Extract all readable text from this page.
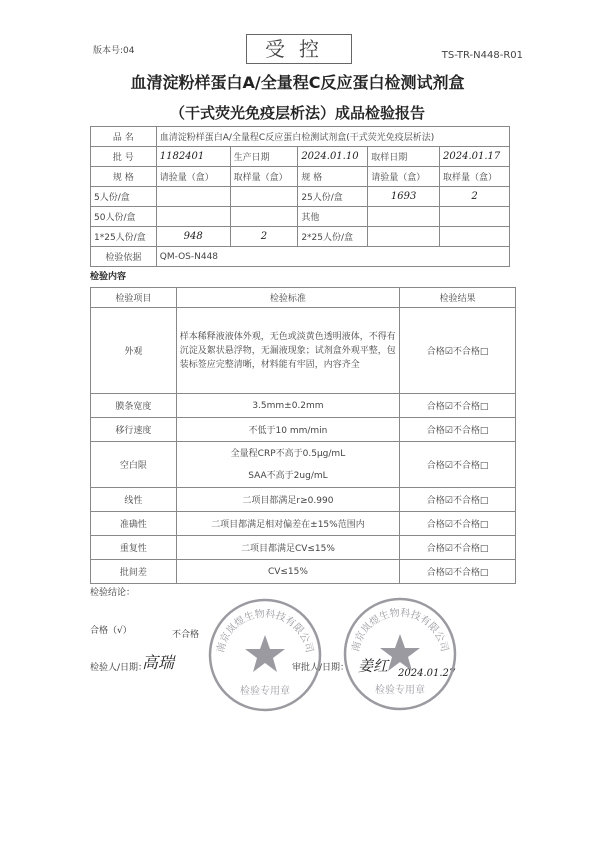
版本号:04	受控	TS-TR-N448-R01
血清淀粉样蛋白A/全量程C反应蛋白检测试剂盒
（干式荧光免疫层析法）成品检验报告
品 名	血清淀粉样蛋白A/全量程C反应蛋白检测试剂盒(干式荧光免疫层析法)				
批 号	1182401	生产日期	2024.01.10	取样日期	2024.01.17
规 格	请验量（盒）	取样量（盒）	规 格	请验量（盒）	取样量（盒）
5人份/盒			25人份/盒	1693	2
50人份/盒			其他		
1*25人份/盒	948	2	2*25人份/盒		
检验依据	QM-OS-N448				
检验内容
检验项目	检验标准	检验结果
外观	样本稀释液液体外观，无色或淡黄色透明液体，不得有沉淀及絮状悬浮物，无漏液现象；试剂盒外观平整，包装标签应完整清晰，材料能有牢固，内容齐全	合格☑不合格□
膜条宽度	3.5mm±0.2mm	合格☑不合格□
移行速度	不低于10 mm/min	合格☑不合格□
空白限	全量程CRP不高于0.5μg/mL
SAA不高于2ug/mL	合格☑不合格□
线性	二项目都满足r≥0.990	合格☑不合格□
准确性	二项目都满足相对偏差在±15%范围内	合格☑不合格□
重复性	二项目都满足CV≤15%	合格☑不合格□
批间差	CV≤15%	合格☑不合格□
检验结论：
合格（√）	不合格
检验人/日期：
高瑞	审批人/日期： 姜红 2024.01.27
南京岚煜生物科技有限公司
检验专用章
南京岚煜生物科技有限公司
检验专用章
